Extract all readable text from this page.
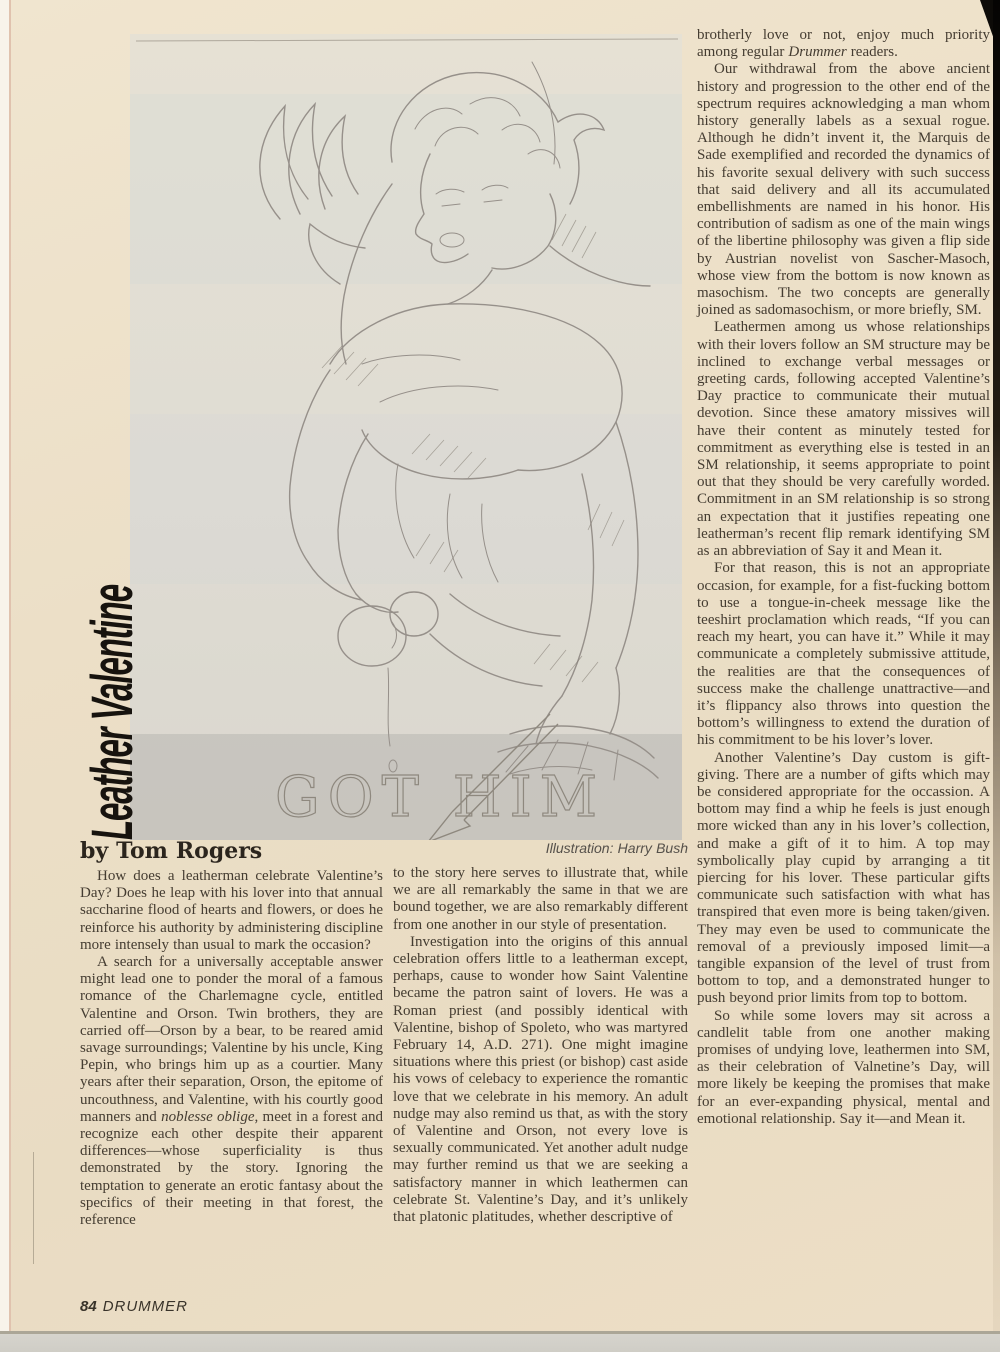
GOT HIM
Leather Valentine
by Tom Rogers

How does a leatherman celebrate Valentine’s Day? Does he leap with his lover into that annual saccharine flood of hearts and flowers, or does he reinforce his authority by administering discipline more intensely than usual to mark the occasion?

A search for a universally acceptable answer might lead one to ponder the moral of a famous romance of the Charlemagne cycle, entitled Valentine and Orson. Twin brothers, they are carried off—Orson by a bear, to be reared amid savage surroundings; Valentine by his uncle, King Pepin, who brings him up as a courtier. Many years after their separation, Orson, the epitome of uncouthness, and Valentine, with his courtly good manners and noblesse oblige, meet in a forest and recognize each other despite their apparent differences—whose superficiality is thus demonstrated by the story. Ignoring the temptation to generate an erotic fantasy about the specifics of their meeting in that forest, the reference

Illustration: Harry Bush

to the story here serves to illustrate that, while we are all remarkably the same in that we are bound together, we are also remarkably different from one another in our style of presentation.

Investigation into the origins of this annual celebration offers little to a leatherman except, perhaps, cause to wonder how Saint Valentine became the patron saint of lovers. He was a Roman priest (and possibly identical with Valentine, bishop of Spoleto, who was martyred February 14, A.D. 271). One might imagine situations where this priest (or bishop) cast aside his vows of celebacy to experience the romantic love that we celebrate in his memory. An adult nudge may also remind us that, as with the story of Valentine and Orson, not every love is sexually communicated. Yet another adult nudge may further remind us that we are seeking a satisfactory manner in which leathermen can celebrate St. Valentine’s Day, and it’s unlikely that platonic platitudes, whether descriptive of

brotherly love or not, enjoy much priority among regular Drummer readers.

Our withdrawal from the above ancient history and progression to the other end of the spectrum requires acknowledging a man whom history generally labels as a sexual rogue. Although he didn’t invent it, the Marquis de Sade exemplified and recorded the dynamics of his favorite sexual delivery with such success that said delivery and all its accumulated embellishments are named in his honor. His contribution of sadism as one of the main wings of the libertine philosophy was given a flip side by Austrian novelist von Sascher-Masoch, whose view from the bottom is now known as masochism. The two concepts are generally joined as sadomasochism, or more briefly, SM.

Leathermen among us whose relationships with their lovers follow an SM structure may be inclined to exchange verbal messages or greeting cards, following accepted Valentine’s Day practice to communicate their mutual devotion. Since these amatory missives will have their content as minutely tested for commitment as everything else is tested in an SM relationship, it seems appropriate to point out that they should be very carefully worded. Commitment in an SM relationship is so strong an expectation that it justifies repeating one leatherman’s recent flip remark identifying SM as an abbreviation of Say it and Mean it.

For that reason, this is not an appropriate occasion, for example, for a fist-fucking bottom to use a tongue-in-cheek message like the teeshirt proclamation which reads, “If you can reach my heart, you can have it.” While it may communicate a completely submissive attitude, the realities are that the consequences of success make the challenge unattractive—and it’s flippancy also throws into question the bottom’s willingness to extend the duration of his commitment to be his lover’s lover.

Another Valentine’s Day custom is gift-giving. There are a number of gifts which may be considered appropriate for the occassion. A bottom may find a whip he feels is just enough more wicked than any in his lover’s collection, and make a gift of it to him. A top may symbolically play cupid by arranging a tit piercing for his lover. These particular gifts communicate such satisfaction with what has transpired that even more is being taken/given. They may even be used to communicate the removal of a previously imposed limit—a tangible expansion of the level of trust from bottom to top, and a demonstrated hunger to push beyond prior limits from top to bottom.

So while some lovers may sit across a candlelit table from one another making promises of undying love, leathermen into SM, as their celebration of Valnetine’s Day, will more likely be keeping the promises that make for an ever-expanding physical, mental and emotional relationship. Say it—and Mean it.

84 DRUMMER
